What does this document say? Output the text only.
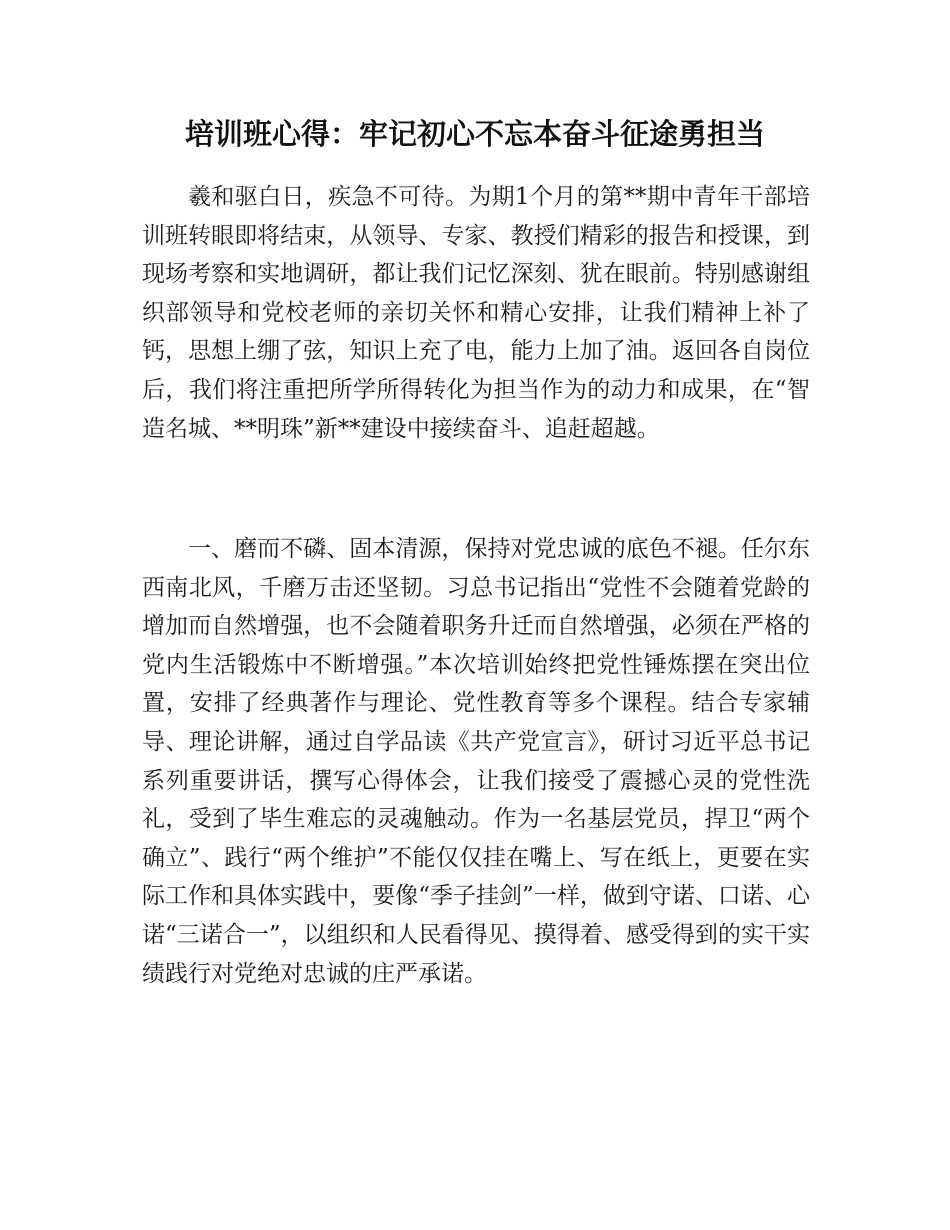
培训班心得：牢记初心不忘本奋斗征途勇担当

羲和驱白日，疾急不可待。为期1个月的第**期中青年干部培训班转眼即将结束，从领导、专家、教授们精彩的报告和授课，到现场考察和实地调研，都让我们记忆深刻、犹在眼前。特别感谢组织部领导和党校老师的亲切关怀和精心安排，让我们精神上补了钙，思想上绷了弦，知识上充了电，能力上加了油。返回各自岗位后，我们将注重把所学所得转化为担当作为的动力和成果，在“智造名城、**明珠”新**建设中接续奋斗、追赶超越。

一、磨而不磷、固本清源，保持对党忠诚的底色不褪。任尔东西南北风，千磨万击还坚韧。习总书记指出“党性不会随着党龄的增加而自然增强，也不会随着职务升迁而自然增强，必须在严格的党内生活锻炼中不断增强。”本次培训始终把党性锤炼摆在突出位置，安排了经典著作与理论、党性教育等多个课程。结合专家辅导、理论讲解，通过自学品读《共产党宣言》，研讨习近平总书记系列重要讲话，撰写心得体会，让我们接受了震撼心灵的党性洗礼，受到了毕生难忘的灵魂触动。作为一名基层党员，捍卫“两个确立”、践行“两个维护”不能仅仅挂在嘴上、写在纸上，更要在实际工作和具体实践中，要像“季子挂剑”一样，做到守诺、口诺、心诺“三诺合一”，以组织和人民看得见、摸得着、感受得到的实干实绩践行对党绝对忠诚的庄严承诺。
